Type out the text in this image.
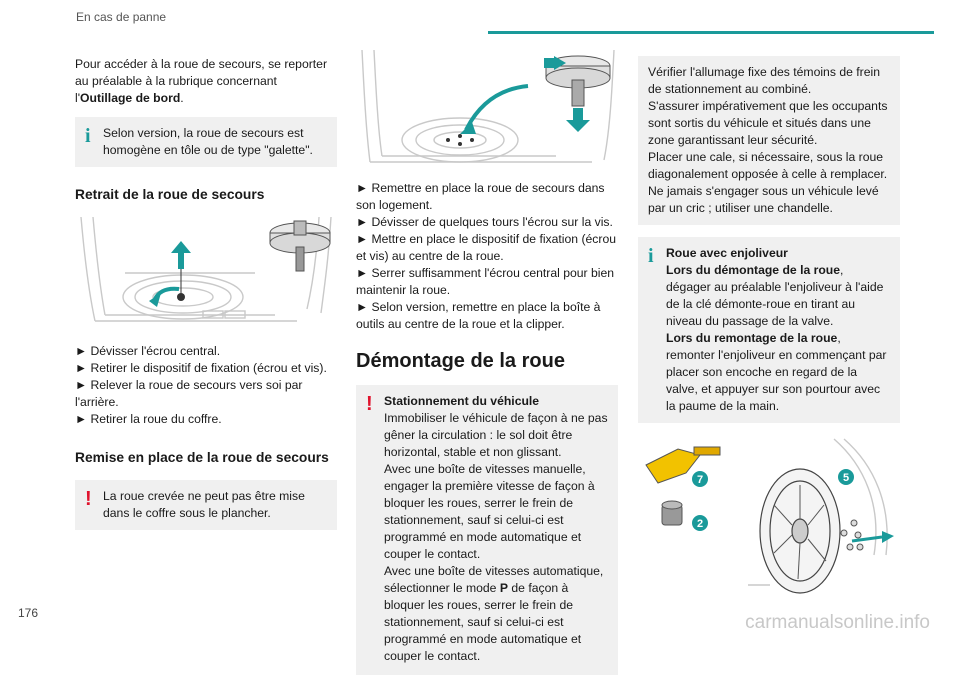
En cas de panne

Pour accéder à la roue de secours, se reporter au préalable à la rubrique concernant l'Outillage de bord.

i Selon version, la roue de secours est homogène en tôle ou de type "galette".

Retrait de la roue de secours

► Dévisser l'écrou central.

► Retirer le dispositif de fixation (écrou et vis).

► Relever la roue de secours vers soi par l'arrière.

► Retirer la roue du coffre.

Remise en place de la roue de secours
! La roue crevée ne peut pas être mise dans le coffre sous le plancher.

► Remettre en place la roue de secours dans son logement.

► Dévisser de quelques tours l'écrou sur la vis.

► Mettre en place le dispositif de fixation (écrou et vis) au centre de la roue.

► Serrer suffisamment l'écrou central pour bien maintenir la roue.

► Selon version, remettre en place la boîte à outils au centre de la roue et la clipper.

Démontage de la roue
! Stationnement du véhicule

Immobiliser le véhicule de façon à ne pas gêner la circulation : le sol doit être horizontal, stable et non glissant.

Avec une boîte de vitesses manuelle, engager la première vitesse de façon à bloquer les roues, serrer le frein de stationnement, sauf si celui-ci est programmé en mode automatique et couper le contact.

Avec une boîte de vitesses automatique, sélectionner le mode P de façon à bloquer les roues, serrer le frein de stationnement, sauf si celui-ci est programmé en mode automatique et couper le contact.

Vérifier l'allumage fixe des témoins de frein de stationnement au combiné.

S'assurer impérativement que les occupants sont sortis du véhicule et situés dans une zone garantissant leur sécurité.

Placer une cale, si nécessaire, sous la roue diagonalement opposée à celle à remplacer.

Ne jamais s'engager sous un véhicule levé par un cric ; utiliser une chandelle.

i Roue avec enjoliveur

Lors du démontage de la roue, dégager au préalable l'enjoliveur à l'aide de la clé démonte-roue en tirant au niveau du passage de la valve.

Lors du remontage de la roue, remonter l'enjoliveur en commençant par placer son encoche en regard de la valve, et appuyer sur son pourtour avec la paume de la main.

7	5
2
176	carmanualsonline.info
